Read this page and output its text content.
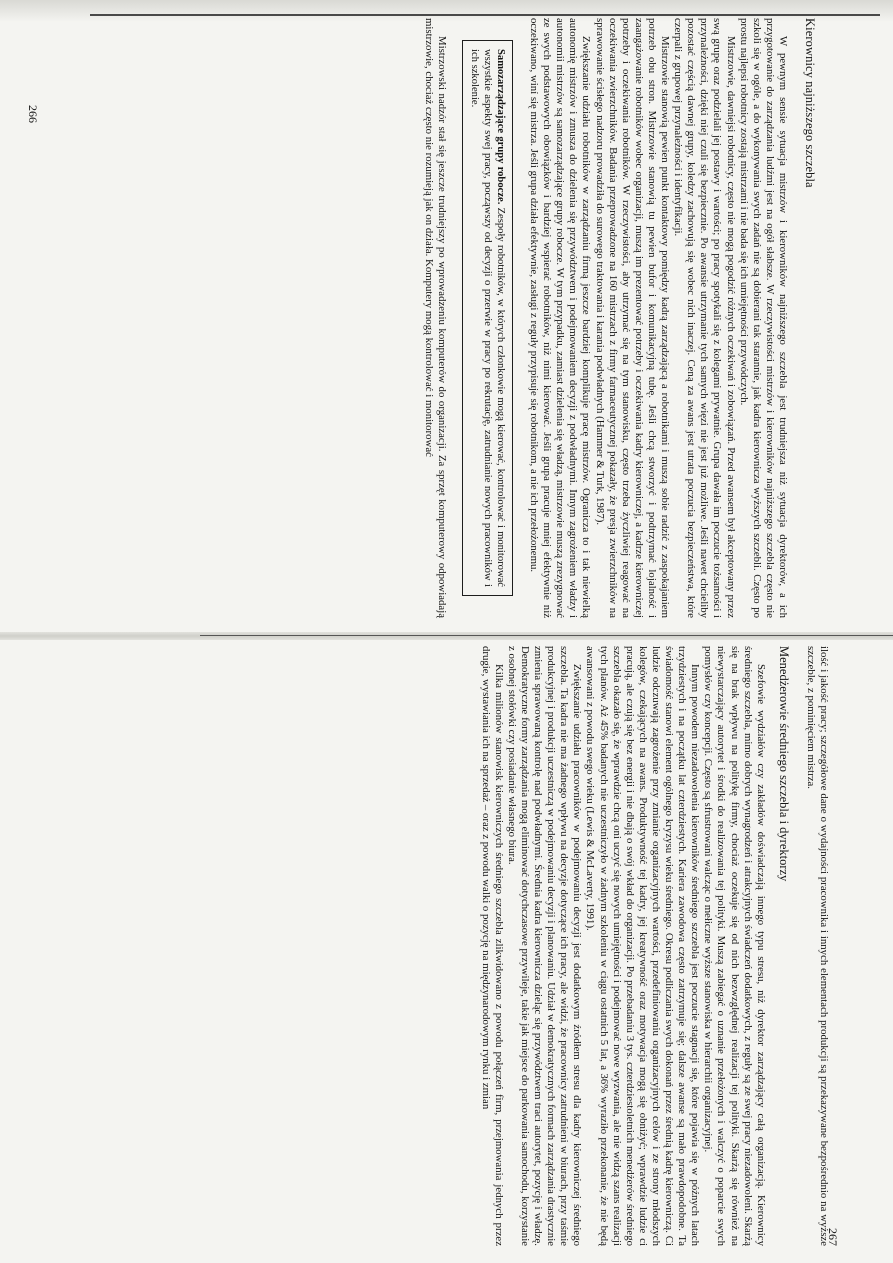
Kierownicy najniższego szczebla

W pewnym sensie sytuacja mistrzów i kierowników najniższego szczebla jest trudniejsza niż sytuacja dyrektorów, a ich przygotowanie do zarządzania ludźmi jest na ogół słabsze. W rzeczywistości mistrzów i kierowników najniższego szczebla często nie szkoli się w ogóle, a do wykonywania swych zadań nie są dobierani tak starannie, jak kadra kierownicza wyższych szczebli. Często po prostu najlepsi robotnicy zostają mistrzami i nie bada się ich umiejętności przywódczych.

Mistrzowie, dawniejsi robotnicy, często nie mogą pogodzić różnych oczekiwań i zobowiązań. Przed awansem był akceptowany przez swą grupę oraz podzielali jej postawy i wartości; po pracy spotykali się z kolegami prywatnie. Grupa dawała im poczucie tożsamości i przynależności, dzięki niej czuli się bezpiecznie. Po awansie utrzymanie tych samych więzi nie jest już możliwe. Jeśli nawet chcieliby pozostać częścią dawnej grupy, koledzy zachowują się wobec nich inaczej. Ceną za awans jest utrata poczucia bezpieczeństwa, które czerpali z grupowej przynależności i identyfikacji.

Mistrzowie stanowią pewien punkt kontaktowy pomiędzy kadrą zarządzającą a robotnikami i muszą sobie radzić z zaspokajaniem potrzeb obu stron. Mistrzowie stanowią tu pewien bufor i komunikacyjną tubę. Jeśli chcą stworzyć i podtrzymać lojalność i zaangażowanie robotników wobec organizacji, muszą im prezentować potrzeby i oczekiwania kadry kierowniczej, a kadrze kierowniczej potrzeby i oczekiwania robotników. W rzeczywistości, aby utrzymać się na tym stanowisku, często trzeba życzliwiej reagować na oczekiwania zwierzchników. Badania przeprowadzone na 160 mistrzach z firmy farmaceutycznej pokazały, że presja zwierzchników na sprawowanie ścisłego nadzoru prowadziła do surowego traktowania i karania podwładnych (Hammer & Turk, 1987).

Zwiększanie udziału robotników w zarządzaniu firmą jeszcze bardziej komplikuje pracę mistrzów. Ogranicza to i tak niewielką autonomię mistrzów i zmusza do dzielenia się przywództwem i podejmowaniem decyzji z podwładnymi. Innym zagrożeniem władzy i autonomii mistrzów są samozarządzające grupy robocze. W tym przypadku, zamiast dzielenia się władzą, mistrzowie muszą zrezygnować ze swych podstawowych obowiązków i bardziej wspierać robotników, niż nimi kierować. Jeśli grupa pracuje mniej efektywnie niż oczekiwano, winí się mistrza. Jeśli grupa działa efektywnie, zasługi z reguły przypisuje się robotnikom, a nie ich przełożonemu.

Samozarządzające grupy robocze. Zespoły robotników, w których członkowie mogą kierować, kontrolować i monitorować wszystkie aspekty swej pracy, począwszy od decyzji o przerwie w pracy po rekrutację, zatrudnianie nowych pracowników i ich szkolenie.

Mistrzowski nadzór stał się jeszcze trudniejszy po wprowadzeniu komputerów do organizacji. Za sprzęt komputerowy odpowiadają mistrzowie, chociaż często nie rozumieją jak on działa. Komputery mogą kontrolować i monitorować

266

ilość i jakość pracy; szczegółowe dane o wydajności pracownika i innych elementach produkcji są przekazywane bezpośrednio na wyższe szczeble, z pominięciem mistrza.

Menedżerowie średniego szczebla i dyrektorzy

Szefowie wydziałów czy zakładów doświadczają innego typu stresu, niż dyrektor zarządzający całą organizacją. Kierownicy średniego szczebla, mimo dobrych wynagrodzeń i atrakcyjnych świadczeń dodatkowych, z reguły są ze swej pracy niezadowoleni. Skarżą się na brak wpływu na politykę firmy, chociaż oczekuje się od nich bezwzględnej realizacji tej polityki. Skarżą się również na niewystarczający autorytet i środki do realizowania tej polityki. Muszą zabiegać o uznanie przełożonych i walczyć o poparcie swych pomysłów czy koncepcji. Często są sfrustrowani walcząc o mełiczne wyższe stanowiska w hierarchii organizacyjnej.

Innym powodem niezadowolenia kierowników średniego szczebla jest poczucie stagnacji się, które pojawia się w późnych latach trzydziestych i na początku lat czterdziestych. Kariera zawodowa często zatrzymuje się; dalsze awanse są mało prawdopodobne. Ta świadomość stanowi element ogólnego kryzysu wieku średniego. Okresu podliczania swych dokonań przez średnią kadrę kierowniczą. Ci ludzie odczuwają zagrożenie przy zmianie organizacyjnych wartości, przedefiniowaniu organizacyjnych celów i ze strony młodszych kolegów, czekających na awans. Produktywność tej kadry, jej kreatywność oraz motywacja mogą się obniżyć; wprawdzie ludzie ci pracują, ale czują się bez energii i nie dbają o swój wkład do organizacji. Po przebadaniu 3 tys. czterdziestoletnich menedżerów średniego szczebla okazało się, że wprawdzie chcą oni uczyć się nowych umiejętności i podejmować nowe wyzwania, ale nie widzą szans realizacji tych planów. Aż 45% badanych nie uczestniczyło w żadnym szkoleniu w ciągu ostatnich 5 lat, a 36% wyraziło przekonanie, że nie będą awansowani z powodu swego wieku (Lewis & McLaverty, 1991).

Zwiększanie udziału pracowników w podejmowaniu decyzji jest dodatkowym źródłem stresu dla kadry kierowniczej średniego szczebla. Ta kadra nie ma żadnego wpływu na decyzje dotyczące ich pracy, ale widzi, że pracownicy zatrudnieni w biurach, przy taśmie produkcyjnej i produkcji uczestniczą w podejmowaniu decyzji i planowaniu. Udział w demokratycznych formach zarządzania drastycznie zmienia sprawowaną kontrolę nad podwładnymi. Średnia kadra kierownicza dzieląc się przywództwem traci autorytet, pozycję i władzę. Demokratyczne formy zarządzania mogą eliminować dotychczasowe przywileje, takie jak miejsce do parkowania samochodu, korzystanie z osobnej stołówki czy posiadanie własnego biura.

Kilka milionów stanowisk kierowniczych średniego szczebla zlikwidowano z powodu połączeń firm, przejmowania jednych przez drugie, wystawiania ich na sprzedaż – oraz z powodu walki o pozycję na międzynarodowym rynku i zmian

267
